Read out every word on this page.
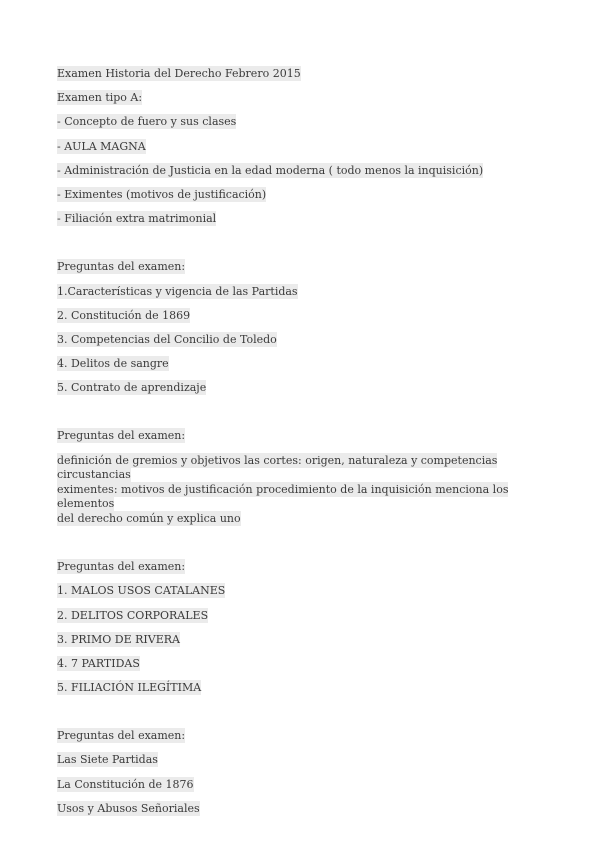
Examen Historia del Derecho Febrero 2015
Examen tipo A:
- Concepto de fuero y sus clases
- AULA MAGNA
- Administración de Justicia en la edad moderna ( todo menos la inquisición)
- Eximentes (motivos de justificación)
- Filiación extra matrimonial
Preguntas del examen:
1.Características y vigencia de las Partidas
2. Constitución de 1869
3. Competencias del Concilio de Toledo
4. Delitos de sangre
5. Contrato de aprendizaje
Preguntas del examen:
definición de gremios y objetivos las cortes: origen, naturaleza y competencias circustancias
eximentes: motivos de justificación procedimiento de la inquisición menciona los elementos
del derecho común y explica uno
Preguntas del examen:
1. MALOS USOS CATALANES
2. DELITOS CORPORALES
3. PRIMO DE RIVERA
4. 7 PARTIDAS
5. FILIACIÓN ILEGÍTIMA
Preguntas del examen:
Las Siete Partidas
La Constitución de 1876
Usos y Abusos Señoriales
